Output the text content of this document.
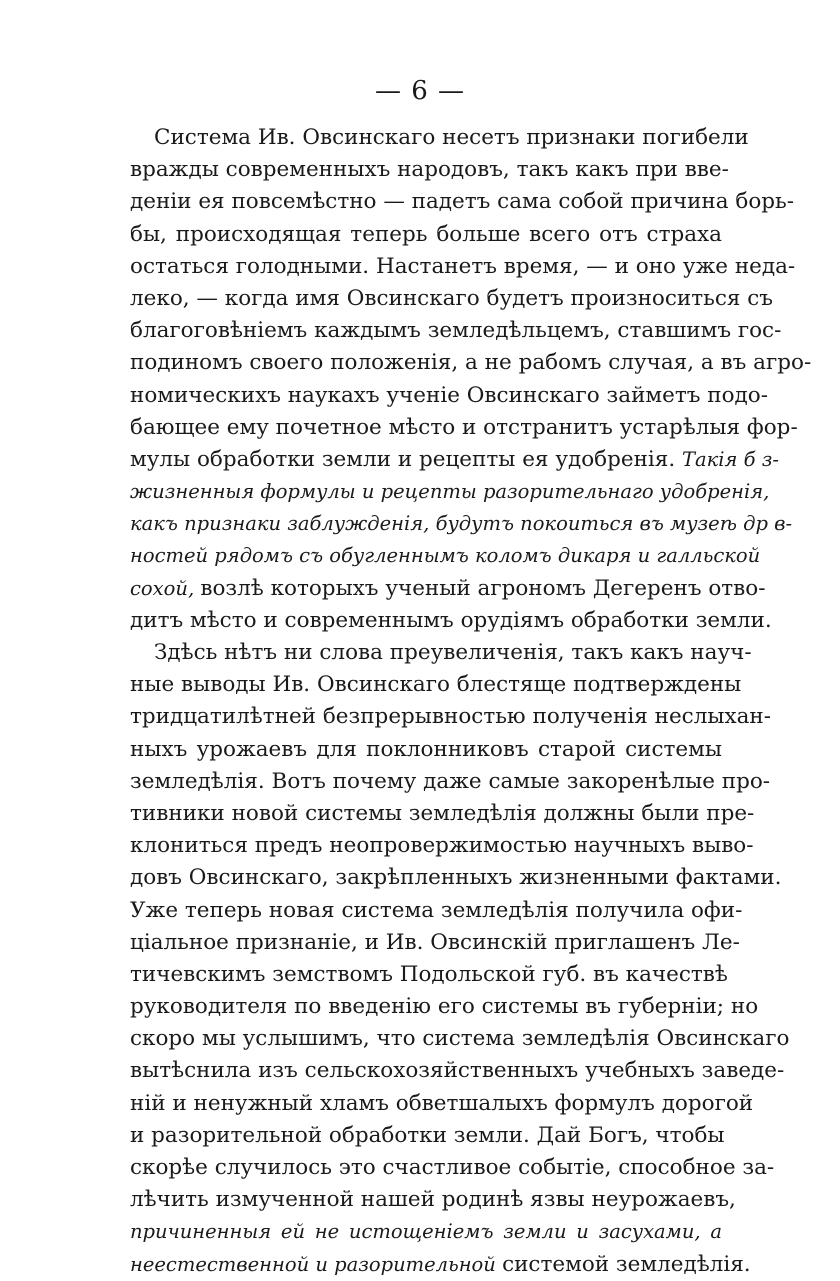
— 6 —
Система Ив. Овсинскаго несетъ признаки погибели
вражды современныхъ народовъ, такъ какъ при вве-
деніи ея повсемѣстно — падетъ сама собой причина борь-
бы, происходящая теперь больше всего отъ страха
остаться голодными. Настанетъ время, — и оно уже неда-
леко, — когда имя Овсинскаго будетъ произноситься съ
благоговѣніемъ каждымъ земледѣльцемъ, ставшимъ гос-
подиномъ своего положенія, а не рабомъ случая, а въ агро-
номическихъ наукахъ ученіе Овсинскаго займетъ подо-
бающее ему почетное мѣсто и отстранитъ устарѣлыя фор-
мулы обработки земли и рецепты ея удобренія. Такія б з-
жизненныя формулы и рецепты разорительнаго удобренія,
какъ признаки заблужденія, будутъ покоиться въ музеѣ др в-
ностей рядомъ съ обугленнымъ коломъ дикаря и галльской
сохой, возлѣ которыхъ ученый агрономъ Дегеренъ отво-
дитъ мѣсто и современнымъ орудіямъ обработки земли.
Здѣсь нѣтъ ни слова преувеличенія, такъ какъ науч-
ные выводы Ив. Овсинскаго блестяще подтверждены
тридцатилѣтней безпрерывностью полученія неслыхан-
ныхъ урожаевъ для поклонниковъ старой системы
земледѣлія. Вотъ почему даже самые закоренѣлые про-
тивники новой системы земледѣлія должны были пре-
клониться предъ неопровержимостью научныхъ выво-
довъ Овсинскаго, закрѣпленныхъ жизненными фактами.
Уже теперь новая система земледѣлія получила офи-
ціальное признаніе, и Ив. Овсинскій приглашенъ Ле-
тичевскимъ земствомъ Подольской губ. въ качествѣ
руководителя по введенію его системы въ губерніи; но
скоро мы услышимъ, что система земледѣлія Овсинскаго
вытѣснила изъ сельскохозяйственныхъ учебныхъ заведе-
ній и ненужный хламъ обветшалыхъ формулъ дорогой
и разорительной обработки земли. Дай Богъ, чтобы
скорѣе случилось это счастливое событіе, способное за-
лѣчить измученной нашей родинѣ язвы неурожаевъ,
причиненныя ей не истощеніемъ земли и засухами, а
неестественной и разорительной системой земледѣлія.
